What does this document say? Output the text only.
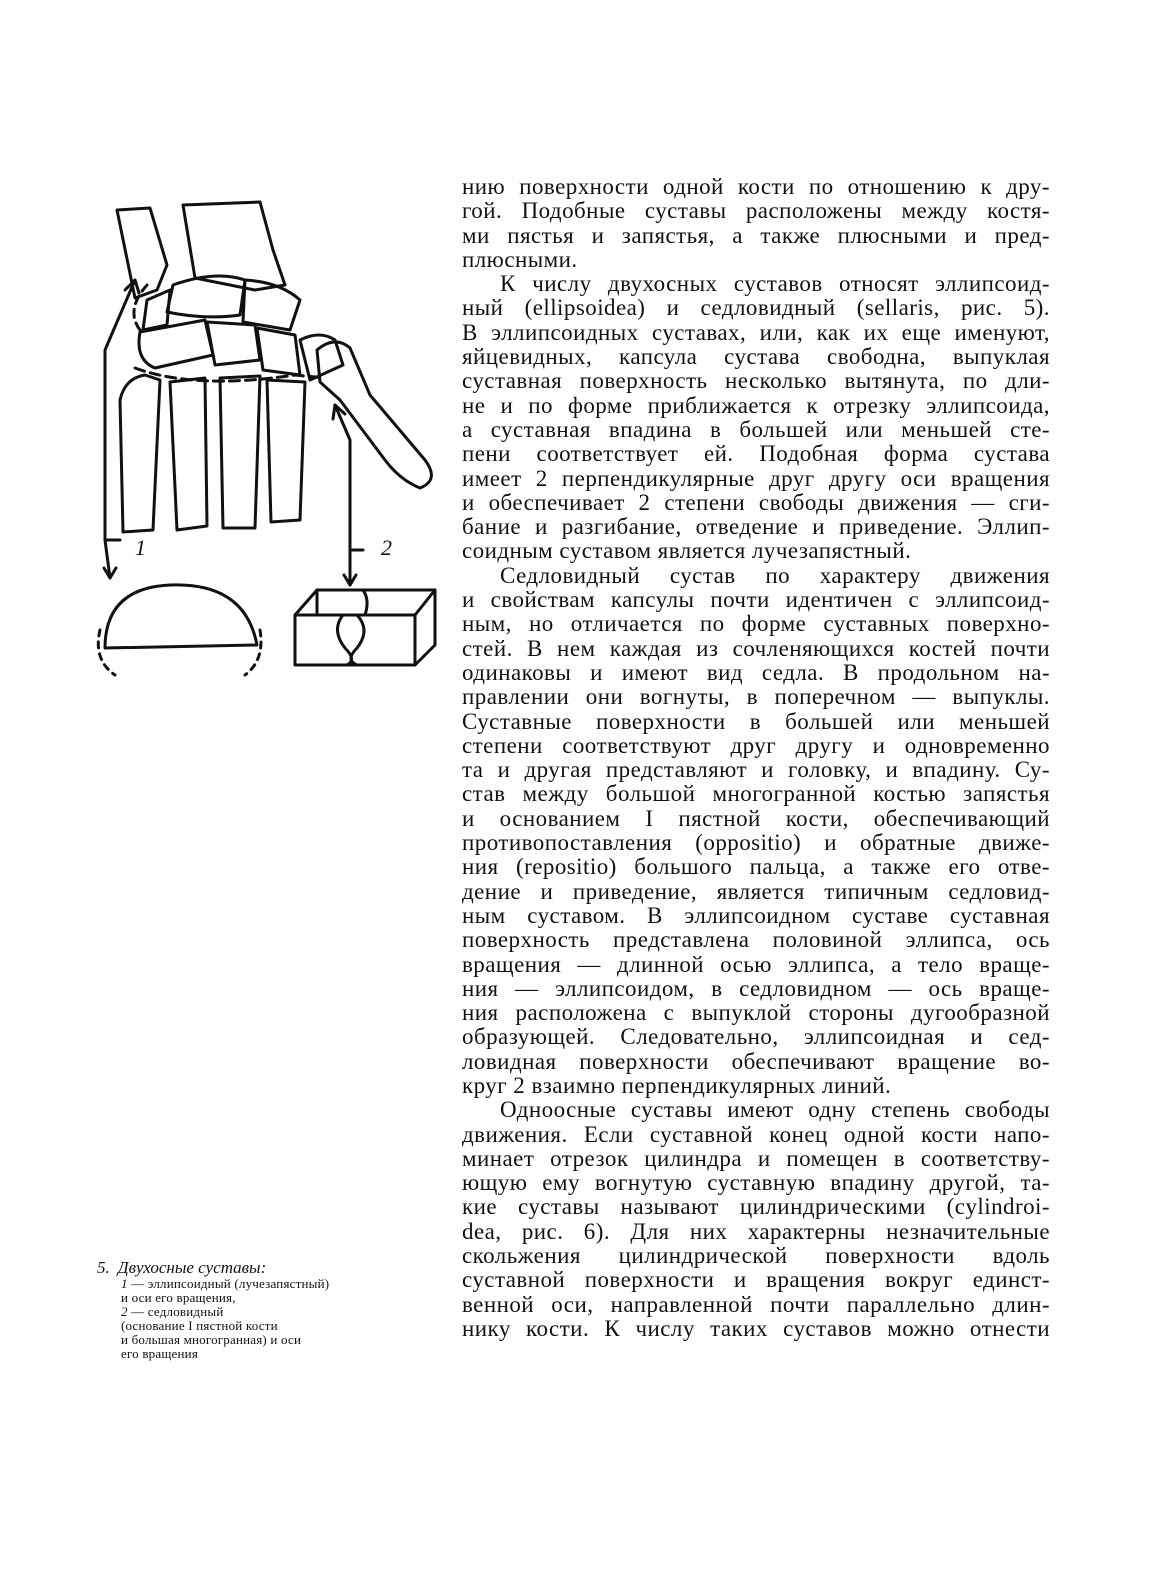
1	2
5. Двухосные суставы:
1 — эллипсоидный (лучезапястный)
и оси его вращения,
2 — седловидный
(основание I пястной кости
и большая многогранная) и оси
его вращения
нию поверхности одной кости по отношению к дру-
гой. Подобные суставы расположены между костя-
ми пястья и запястья, а также плюсными и пред-
плюсными.
К числу двухосных суставов относят эллипсоид-
ный (ellipsoidea) и седловидный (sellaris, рис. 5).
В эллипсоидных суставах, или, как их еще именуют,
яйцевидных, капсула сустава свободна, выпуклая
суставная поверхность несколько вытянута, по дли-
не и по форме приближается к отрезку эллипсоида,
а суставная впадина в большей или меньшей сте-
пени соответствует ей. Подобная форма сустава
имеет 2 перпендикулярные друг другу оси вращения
и обеспечивает 2 степени свободы движения — сги-
бание и разгибание, отведение и приведение. Эллип-
соидным суставом является лучезапястный.
Седловидный сустав по характеру движения
и свойствам капсулы почти идентичен с эллипсоид-
ным, но отличается по форме суставных поверхно-
стей. В нем каждая из сочленяющихся костей почти
одинаковы и имеют вид седла. В продольном на-
правлении они вогнуты, в поперечном — выпуклы.
Суставные поверхности в большей или меньшей
степени соответствуют друг другу и одновременно
та и другая представляют и головку, и впадину. Су-
став между большой многогранной костью запястья
и основанием I пястной кости, обеспечивающий
противопоставления (oppositio) и обратные движе-
ния (repositio) большого пальца, а также его отве-
дение и приведение, является типичным седловид-
ным суставом. В эллипсоидном суставе суставная
поверхность представлена половиной эллипса, ось
вращения — длинной осью эллипса, а тело враще-
ния — эллипсоидом, в седловидном — ось враще-
ния расположена с выпуклой стороны дугообразной
образующей. Следовательно, эллипсоидная и сед-
ловидная поверхности обеспечивают вращение во-
круг 2 взаимно перпендикулярных линий.
Одноосные суставы имеют одну степень свободы
движения. Если суставной конец одной кости напо-
минает отрезок цилиндра и помещен в соответству-
ющую ему вогнутую суставную впадину другой, та-
кие суставы называют цилиндрическими (cylindroi-
dea, рис. 6). Для них характерны незначительные
скольжения цилиндрической поверхности вдоль
суставной поверхности и вращения вокруг единст-
венной оси, направленной почти параллельно длин-
нику кости. К числу таких суставов можно отнести
